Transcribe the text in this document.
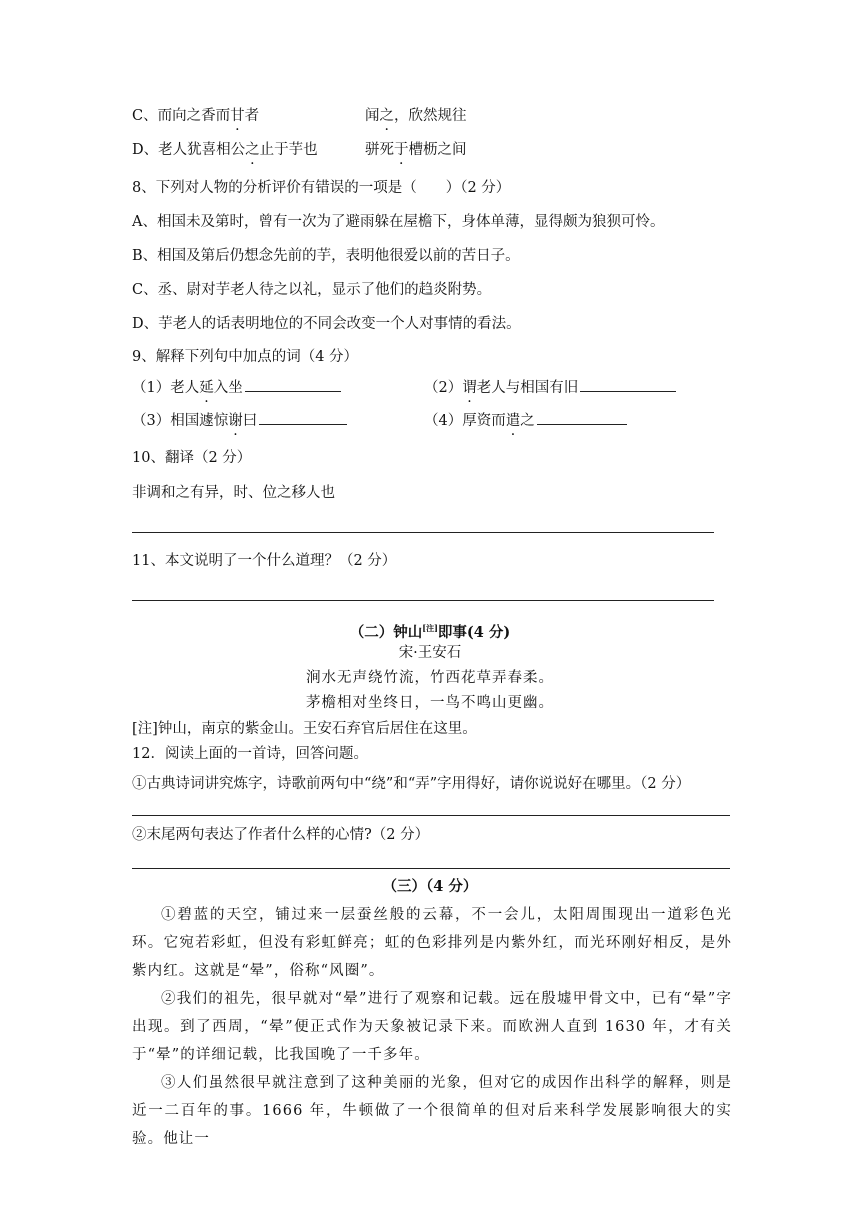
C、而向之香而甘者	闻之，欣然规往
D、老人犹喜相公之止于芋也	骈死于槽枥之间
8、下列对人物的分析评价有错误的一项是（　　）（2 分）
A、相国未及第时，曾有一次为了避雨躲在屋檐下，身体单薄，显得颇为狼狈可怜。
B、相国及第后仍想念先前的芋，表明他很爱以前的苦日子。
C、丞、尉对芋老人待之以礼，显示了他们的趋炎附势。
D、芋老人的话表明地位的不同会改变一个人对事情的看法。
9、解释下列句中加点的词（4 分）
（1）老人延入坐	（2）谓老人与相国有旧
（3）相国遽惊谢曰	（4）厚资而遣之
10、翻译（2 分）
非调和之有异，时、位之移人也
11、本文说明了一个什么道理？（2 分）
（二）钟山[注]即事(4 分)
宋·王安石
涧水无声绕竹流，竹西花草弄春柔。
茅檐相对坐终日，一鸟不鸣山更幽。
[注]钟山，南京的紫金山。王安石弃官后居住在这里。
12．阅读上面的一首诗，回答问题。
①古典诗词讲究炼字，诗歌前两句中“绕”和“弄”字用得好，请你说说好在哪里。（2 分）
②末尾两句表达了作者什么样的心情?（2 分）
（三）（4 分）

①碧蓝的天空，铺过来一层蚕丝般的云幕，不一会儿，太阳周围现出一道彩色光环。它宛若彩虹，但没有彩虹鲜亮；虹的色彩排列是内紫外红，而光环刚好相反，是外紫内红。这就是“晕”，俗称“风圈”。

②我们的祖先，很早就对“晕”进行了观察和记载。远在殷墟甲骨文中，已有“晕”字出现。到了西周，“晕”便正式作为天象被记录下来。而欧洲人直到 1630 年，才有关于“晕”的详细记载，比我国晚了一千多年。

③人们虽然很早就注意到了这种美丽的光象，但对它的成因作出科学的解释，则是近一二百年的事。1666 年，牛顿做了一个很简单的但对后来科学发展影响很大的实验。他让一
